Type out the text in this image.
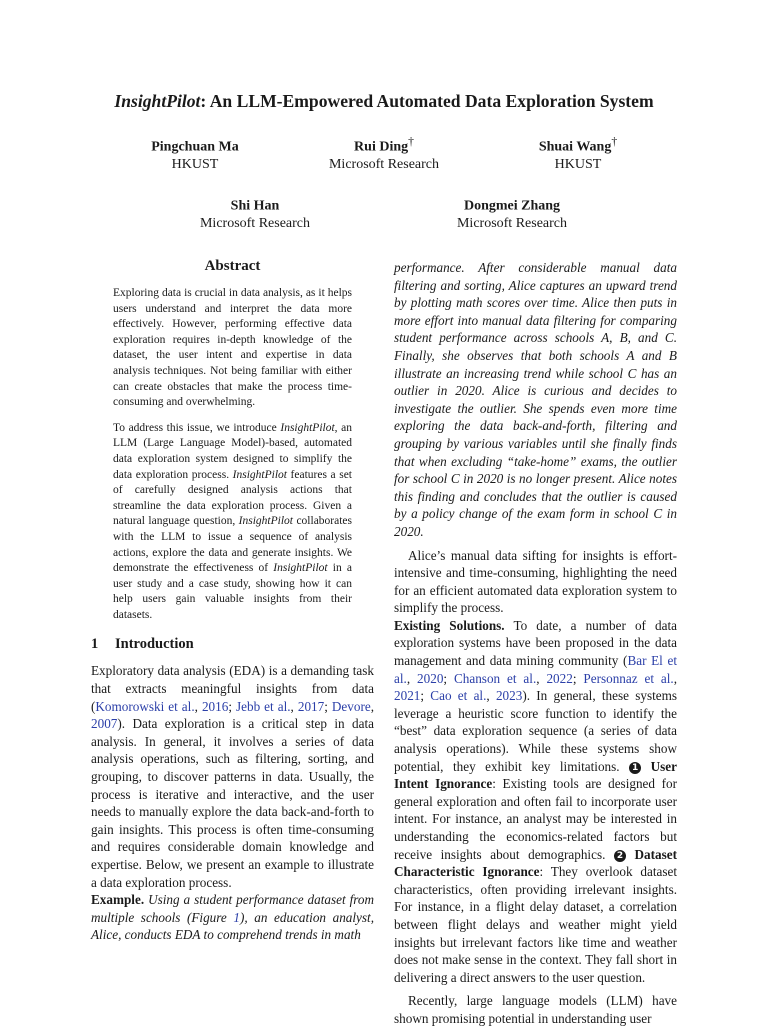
InsightPilot: An LLM-Empowered Automated Data Exploration System
Pingchuan Ma
HKUST
Rui Ding†
Microsoft Research
Shuai Wang†
HKUST
Shi Han
Microsoft Research
Dongmei Zhang
Microsoft Research
Abstract

Exploring data is crucial in data analysis, as it helps users understand and interpret the data more effectively. However, performing effective data exploration requires in-depth knowledge of the dataset, the user intent and expertise in data analysis techniques. Not being familiar with either can create obstacles that make the process time-consuming and overwhelming.

To address this issue, we introduce InsightPilot, an LLM (Large Language Model)-based, automated data exploration system designed to simplify the data exploration process. InsightPilot features a set of carefully designed analysis actions that streamline the data exploration process. Given a natural language question, InsightPilot collaborates with the LLM to issue a sequence of analysis actions, explore the data and generate insights. We demonstrate the effectiveness of InsightPilot in a user study and a case study, showing how it can help users gain valuable insights from their datasets.

1 Introduction

Exploratory data analysis (EDA) is a demanding task that extracts meaningful insights from data (Komorowski et al., 2016; Jebb et al., 2017; Devore, 2007). Data exploration is a critical step in data analysis. In general, it involves a series of data analysis operations, such as filtering, sorting, and grouping, to discover patterns in data. Usually, the process is iterative and interactive, and the user needs to manually explore the data back-and-forth to gain insights. This process is often time-consuming and requires considerable domain knowledge and expertise. Below, we present an example to illustrate a data exploration process.

Example. Using a student performance dataset from multiple schools (Figure 1), an education analyst, Alice, conducts EDA to comprehend trends in math

performance. After considerable manual data filtering and sorting, Alice captures an upward trend by plotting math scores over time. Alice then puts in more effort into manual data filtering for comparing student performance across schools A, B, and C. Finally, she observes that both schools A and B illustrate an increasing trend while school C has an outlier in 2020. Alice is curious and decides to investigate the outlier. She spends even more time exploring the data back-and-forth, filtering and grouping by various variables until she finally finds that when excluding “take-home” exams, the outlier for school C in 2020 is no longer present. Alice notes this finding and concludes that the outlier is caused by a policy change of the exam form in school C in 2020.

Alice’s manual data sifting for insights is effort-intensive and time-consuming, highlighting the need for an efficient automated data exploration system to simplify the process.

Existing Solutions. To date, a number of data exploration systems have been proposed in the data management and data mining community (Bar El et al., 2020; Chanson et al., 2022; Personnaz et al., 2021; Cao et al., 2023). In general, these systems leverage a heuristic score function to identify the “best” data exploration sequence (a series of data analysis operations). While these systems show potential, they exhibit key limitations. 1 User Intent Ignorance: Existing tools are designed for general exploration and often fail to incorporate user intent. For instance, an analyst may be interested in understanding the economics-related factors but receive insights about demographics. 2 Dataset Characteristic Ignorance: They overlook dataset characteristics, often providing irrelevant insights. For instance, in a flight delay dataset, a correlation between flight delays and weather might yield insights but irrelevant factors like time and weather does not make sense in the context. They fall short in delivering a direct answers to the user question.

Recently, large language models (LLM) have shown promising potential in understanding user
